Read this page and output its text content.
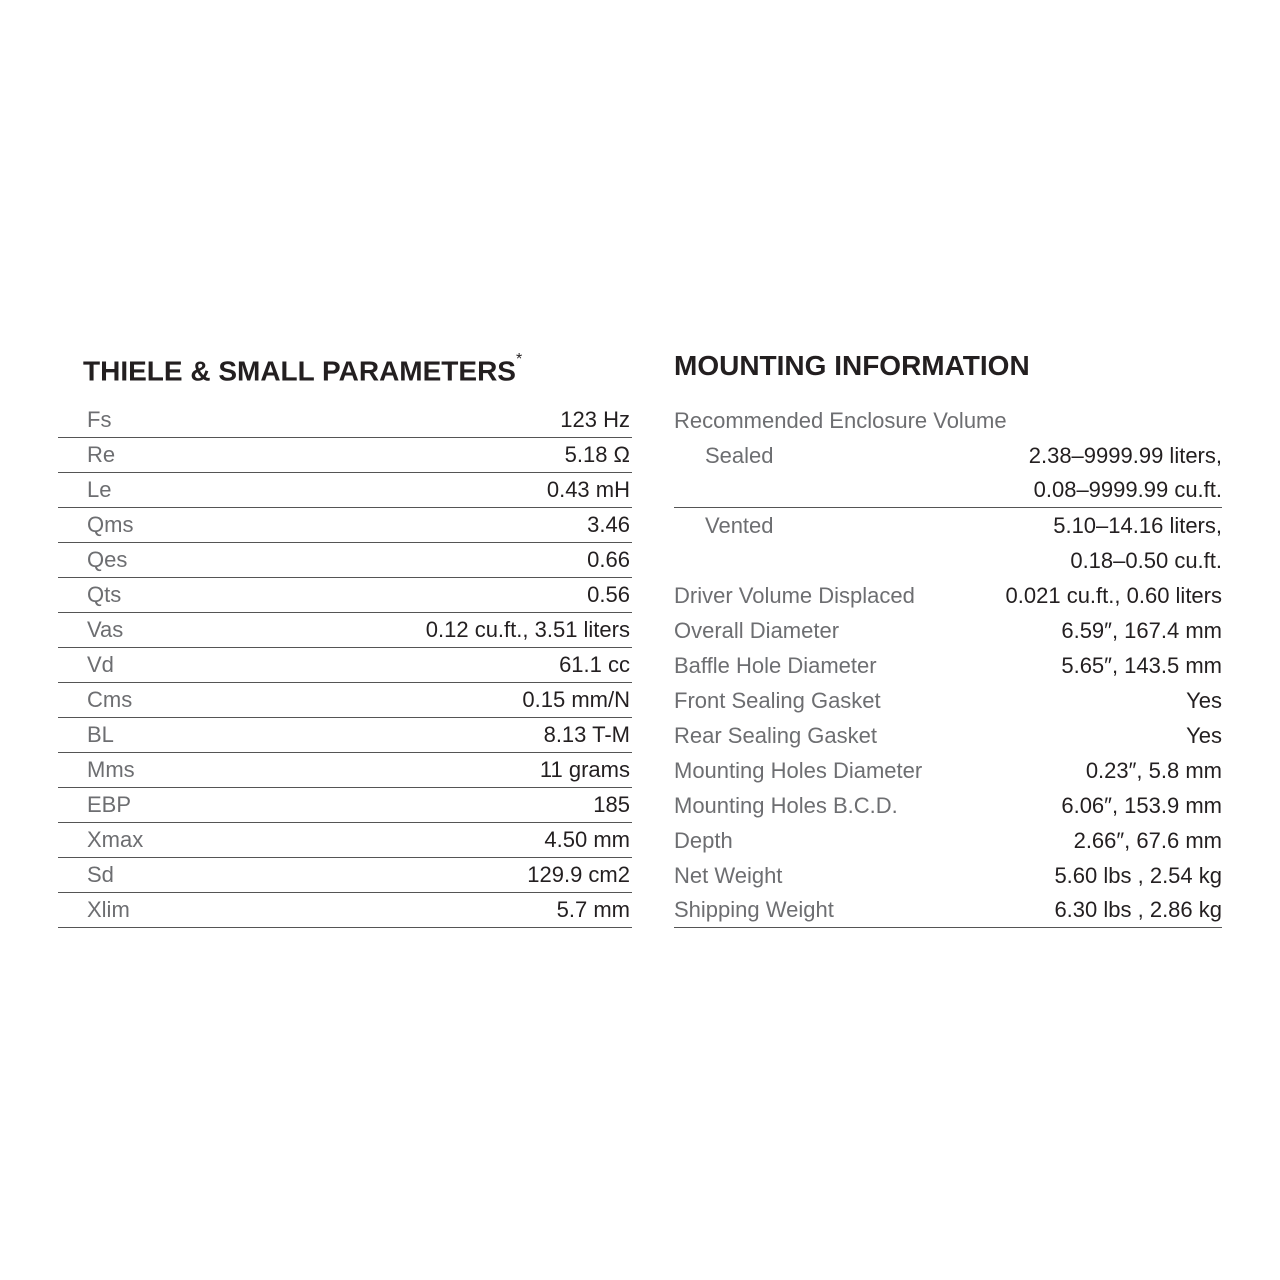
THIELE & SMALL PARAMETERS*
Fs	123 Hz
Re	5.18 Ω
Le	0.43 mH
Qms	3.46
Qes	0.66
Qts	0.56
Vas	0.12 cu.ft., 3.51 liters
Vd	61.1 cc
Cms	0.15 mm/N
BL	8.13 T-M
Mms	11 grams
EBP	185
Xmax	4.50 mm
Sd	129.9 cm2
Xlim	5.7 mm
MOUNTING INFORMATION
Recommended Enclosure Volume
Sealed	2.38–9999.99 liters,
0.08–9999.99 cu.ft.
Vented	5.10–14.16 liters,
0.18–0.50 cu.ft.
Driver Volume Displaced	0.021 cu.ft., 0.60 liters
Overall Diameter	6.59″, 167.4 mm
Baffle Hole Diameter	5.65″, 143.5 mm
Front Sealing Gasket	Yes
Rear Sealing Gasket	Yes
Mounting Holes Diameter	0.23″, 5.8 mm
Mounting Holes B.C.D.	6.06″, 153.9 mm
Depth	2.66″, 67.6 mm
Net Weight	5.60 lbs , 2.54 kg
Shipping Weight	6.30 lbs , 2.86 kg
